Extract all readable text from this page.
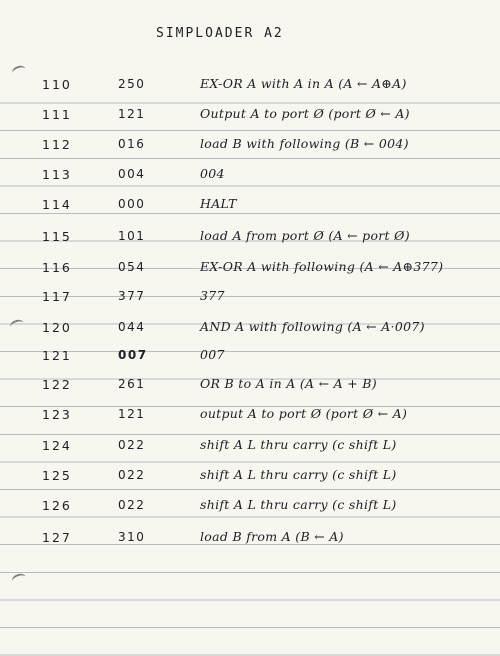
SIMPLOADER A2
110	250	EX-OR A with A in A (A ← A⊕A)
111	121	Output A to port Ø (port Ø ← A)
112	016	load B with following (B ← 004)
113	004	004
114	000	HALT
115	101	load A from port Ø (A ← port Ø)
116	054	EX-OR A with following (A ← A⊕377)
117	377	377
120	044	AND A with following (A ← A·007)
121	007	007
122	261	OR B to A in A (A ← A + B)
123	121	output A to port Ø (port Ø ← A)
124	022	shift A L thru carry (c shift L)
125	022	shift A L thru carry (c shift L)
126	022	shift A L thru carry (c shift L)
127	310	load B from A (B ← A)
